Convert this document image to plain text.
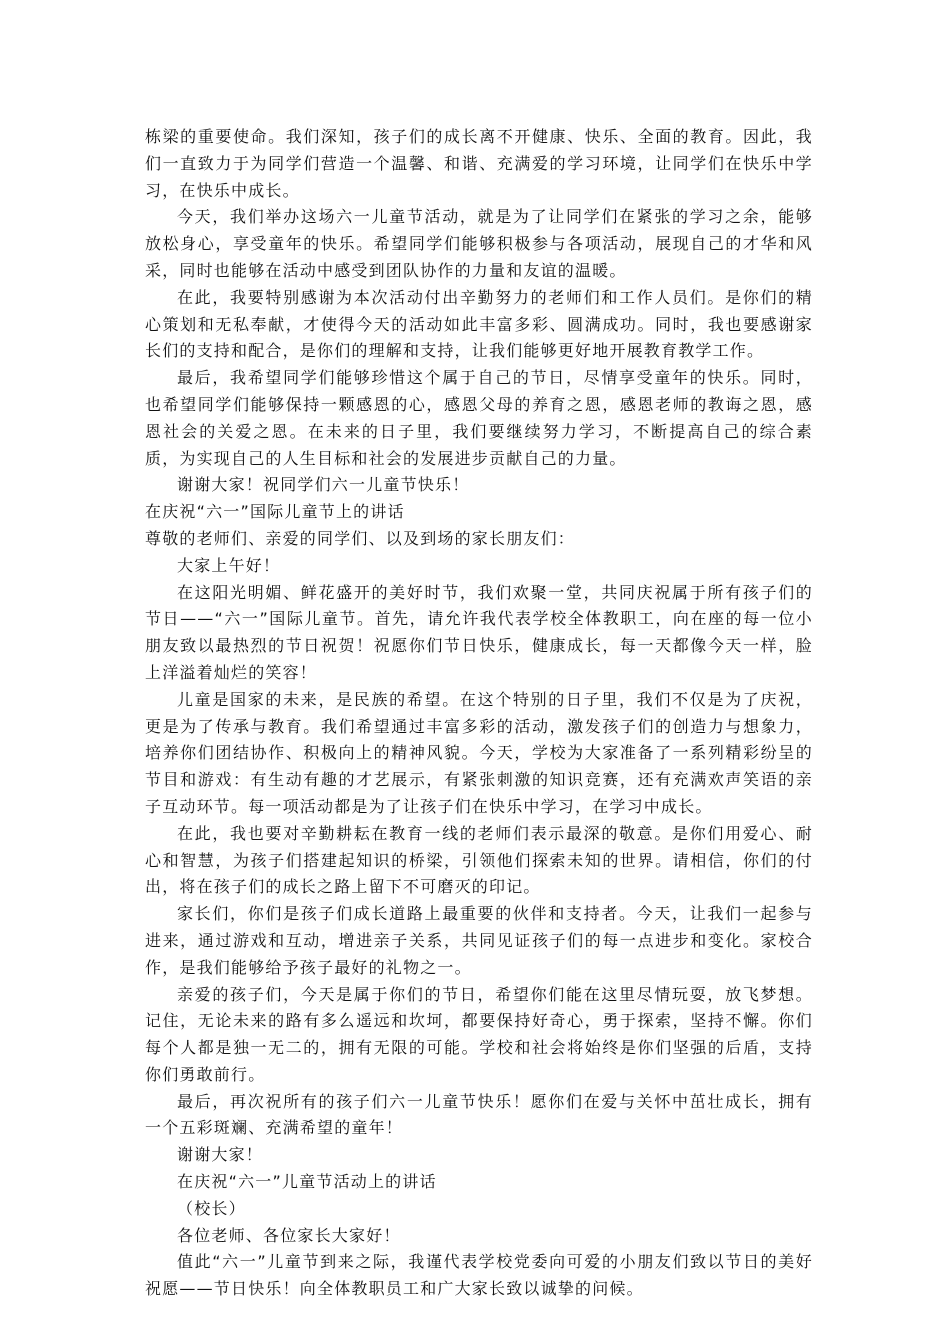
栋梁的重要使命。我们深知，孩子们的成长离不开健康、快乐、全面的教育。因此，我们一直致力于为同学们营造一个温馨、和谐、充满爱的学习环境，让同学们在快乐中学习，在快乐中成长。

今天，我们举办这场六一儿童节活动，就是为了让同学们在紧张的学习之余，能够放松身心，享受童年的快乐。希望同学们能够积极参与各项活动，展现自己的才华和风采，同时也能够在活动中感受到团队协作的力量和友谊的温暖。

在此，我要特别感谢为本次活动付出辛勤努力的老师们和工作人员们。是你们的精心策划和无私奉献，才使得今天的活动如此丰富多彩、圆满成功。同时，我也要感谢家长们的支持和配合，是你们的理解和支持，让我们能够更好地开展教育教学工作。

最后，我希望同学们能够珍惜这个属于自己的节日，尽情享受童年的快乐。同时，也希望同学们能够保持一颗感恩的心，感恩父母的养育之恩，感恩老师的教诲之恩，感恩社会的关爱之恩。在未来的日子里，我们要继续努力学习，不断提高自己的综合素质，为实现自己的人生目标和社会的发展进步贡献自己的力量。

谢谢大家！祝同学们六一儿童节快乐！

在庆祝“六一”国际儿童节上的讲话

尊敬的老师们、亲爱的同学们、以及到场的家长朋友们：

大家上午好！

在这阳光明媚、鲜花盛开的美好时节，我们欢聚一堂，共同庆祝属于所有孩子们的节日——“六一”国际儿童节。首先，请允许我代表学校全体教职工，向在座的每一位小朋友致以最热烈的节日祝贺！祝愿你们节日快乐，健康成长，每一天都像今天一样，脸上洋溢着灿烂的笑容！

儿童是国家的未来，是民族的希望。在这个特别的日子里，我们不仅是为了庆祝，更是为了传承与教育。我们希望通过丰富多彩的活动，激发孩子们的创造力与想象力，培养你们团结协作、积极向上的精神风貌。今天，学校为大家准备了一系列精彩纷呈的节目和游戏：有生动有趣的才艺展示，有紧张刺激的知识竞赛，还有充满欢声笑语的亲子互动环节。每一项活动都是为了让孩子们在快乐中学习，在学习中成长。

在此，我也要对辛勤耕耘在教育一线的老师们表示最深的敬意。是你们用爱心、耐心和智慧，为孩子们搭建起知识的桥梁，引领他们探索未知的世界。请相信，你们的付出，将在孩子们的成长之路上留下不可磨灭的印记。

家长们，你们是孩子们成长道路上最重要的伙伴和支持者。今天，让我们一起参与进来，通过游戏和互动，增进亲子关系，共同见证孩子们的每一点进步和变化。家校合作，是我们能够给予孩子最好的礼物之一。

亲爱的孩子们，今天是属于你们的节日，希望你们能在这里尽情玩耍，放飞梦想。记住，无论未来的路有多么遥远和坎坷，都要保持好奇心，勇于探索，坚持不懈。你们每个人都是独一无二的，拥有无限的可能。学校和社会将始终是你们坚强的后盾，支持你们勇敢前行。

最后，再次祝所有的孩子们六一儿童节快乐！愿你们在爱与关怀中茁壮成长，拥有一个五彩斑斓、充满希望的童年！

谢谢大家！

在庆祝“六一”儿童节活动上的讲话

（校长）

各位老师、各位家长大家好！

值此“六一”儿童节到来之际，我谨代表学校党委向可爱的小朋友们致以节日的美好祝愿——节日快乐！向全体教职员工和广大家长致以诚挚的问候。
